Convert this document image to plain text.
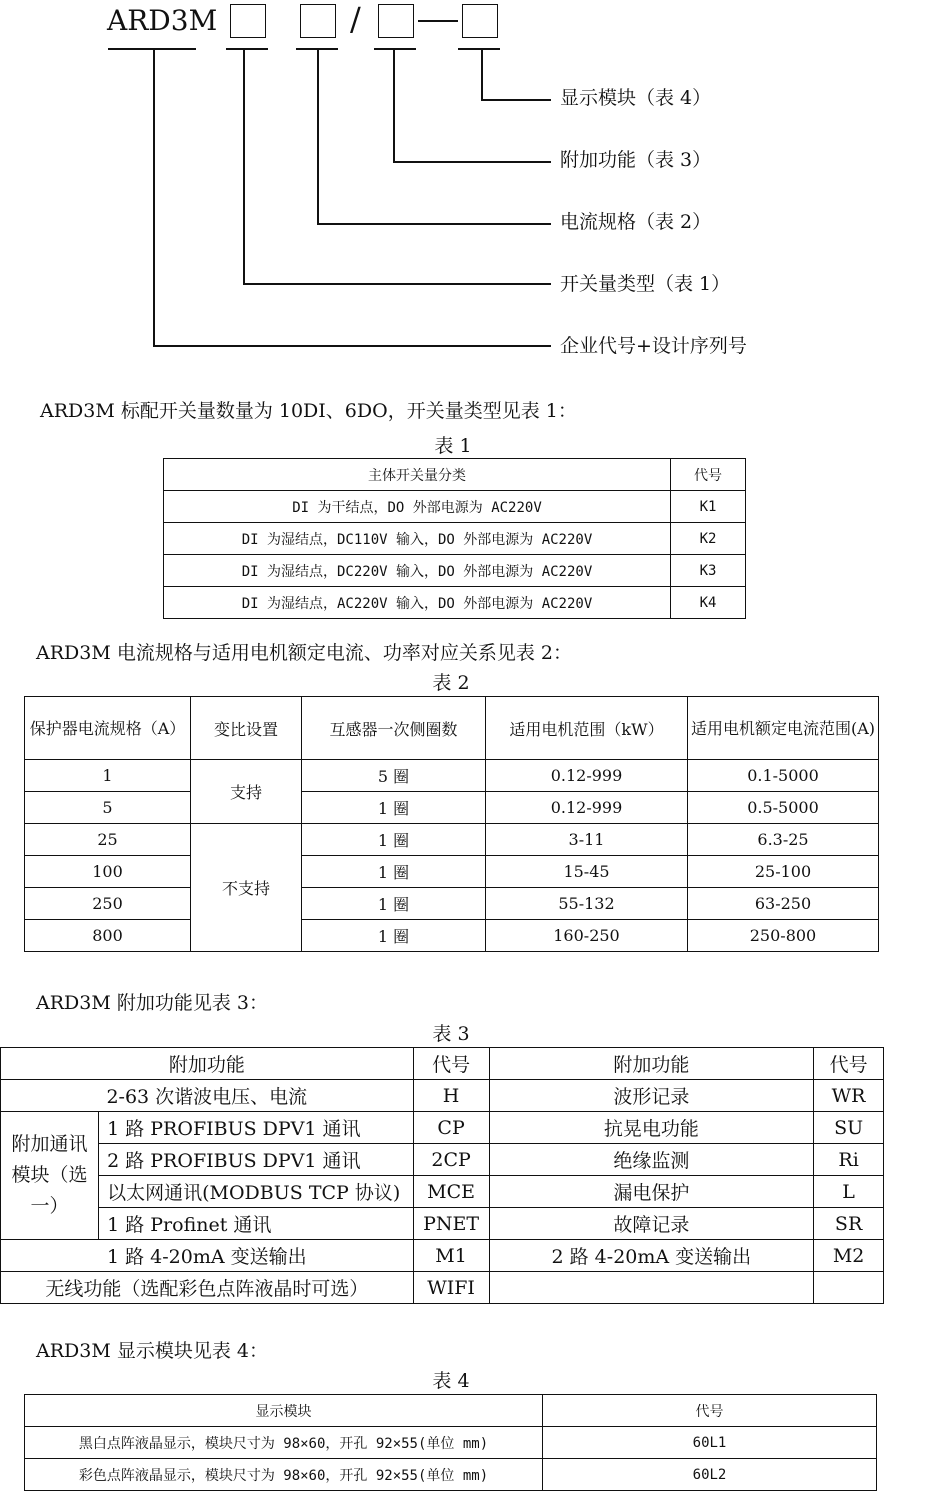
ARD3M	/
显示模块（表 4）
附加功能（表 3）
电流规格（表 2）
开关量类型（表 1）
企业代号+设计序列号
ARD3M 标配开关量数量为 10DI、6DO，开关量类型见表 1：
表 1
主体开关量分类	代号
DI 为干结点，DO 外部电源为 AC220V	K1
DI 为湿结点，DC110V 输入，DO 外部电源为 AC220V	K2
DI 为湿结点，DC220V 输入，DO 外部电源为 AC220V	K3
DI 为湿结点，AC220V 输入，DO 外部电源为 AC220V	K4
ARD3M 电流规格与适用电机额定电流、功率对应关系见表 2：
表 2
保护器电流规格（A）	变比设置	互感器一次侧圈数	适用电机范围（kW）	适用电机额定电流范围(A)
1	支持	5 圈	0.12-999	0.1-5000
5		1 圈	0.12-999	0.5-5000
25	不支持	1 圈	3-11	6.3-25
100		1 圈	15-45	25-100
250		1 圈	55-132	63-250
800		1 圈	160-250	250-800
ARD3M 附加功能见表 3：
表 3
附加功能		代号	附加功能	代号
2-63 次谐波电压、电流		H	波形记录	WR
附加通讯模块（选一）	1 路 PROFIBUS DPV1 通讯	CP	抗晃电功能	SU
	2 路 PROFIBUS DPV1 通讯	2CP	绝缘监测	Ri
	以太网通讯(MODBUS TCP 协议)	MCE	漏电保护	L
	1 路 Profinet 通讯	PNET	故障记录	SR
1 路 4-20mA 变送输出		M1	2 路 4-20mA 变送输出	M2
无线功能（选配彩色点阵液晶时可选）		WIFI		
ARD3M 显示模块见表 4：
表 4
显示模块	代号
黑白点阵液晶显示，模块尺寸为 98×60，开孔 92×55(单位 mm)	60L1
彩色点阵液晶显示，模块尺寸为 98×60，开孔 92×55(单位 mm)	60L2
